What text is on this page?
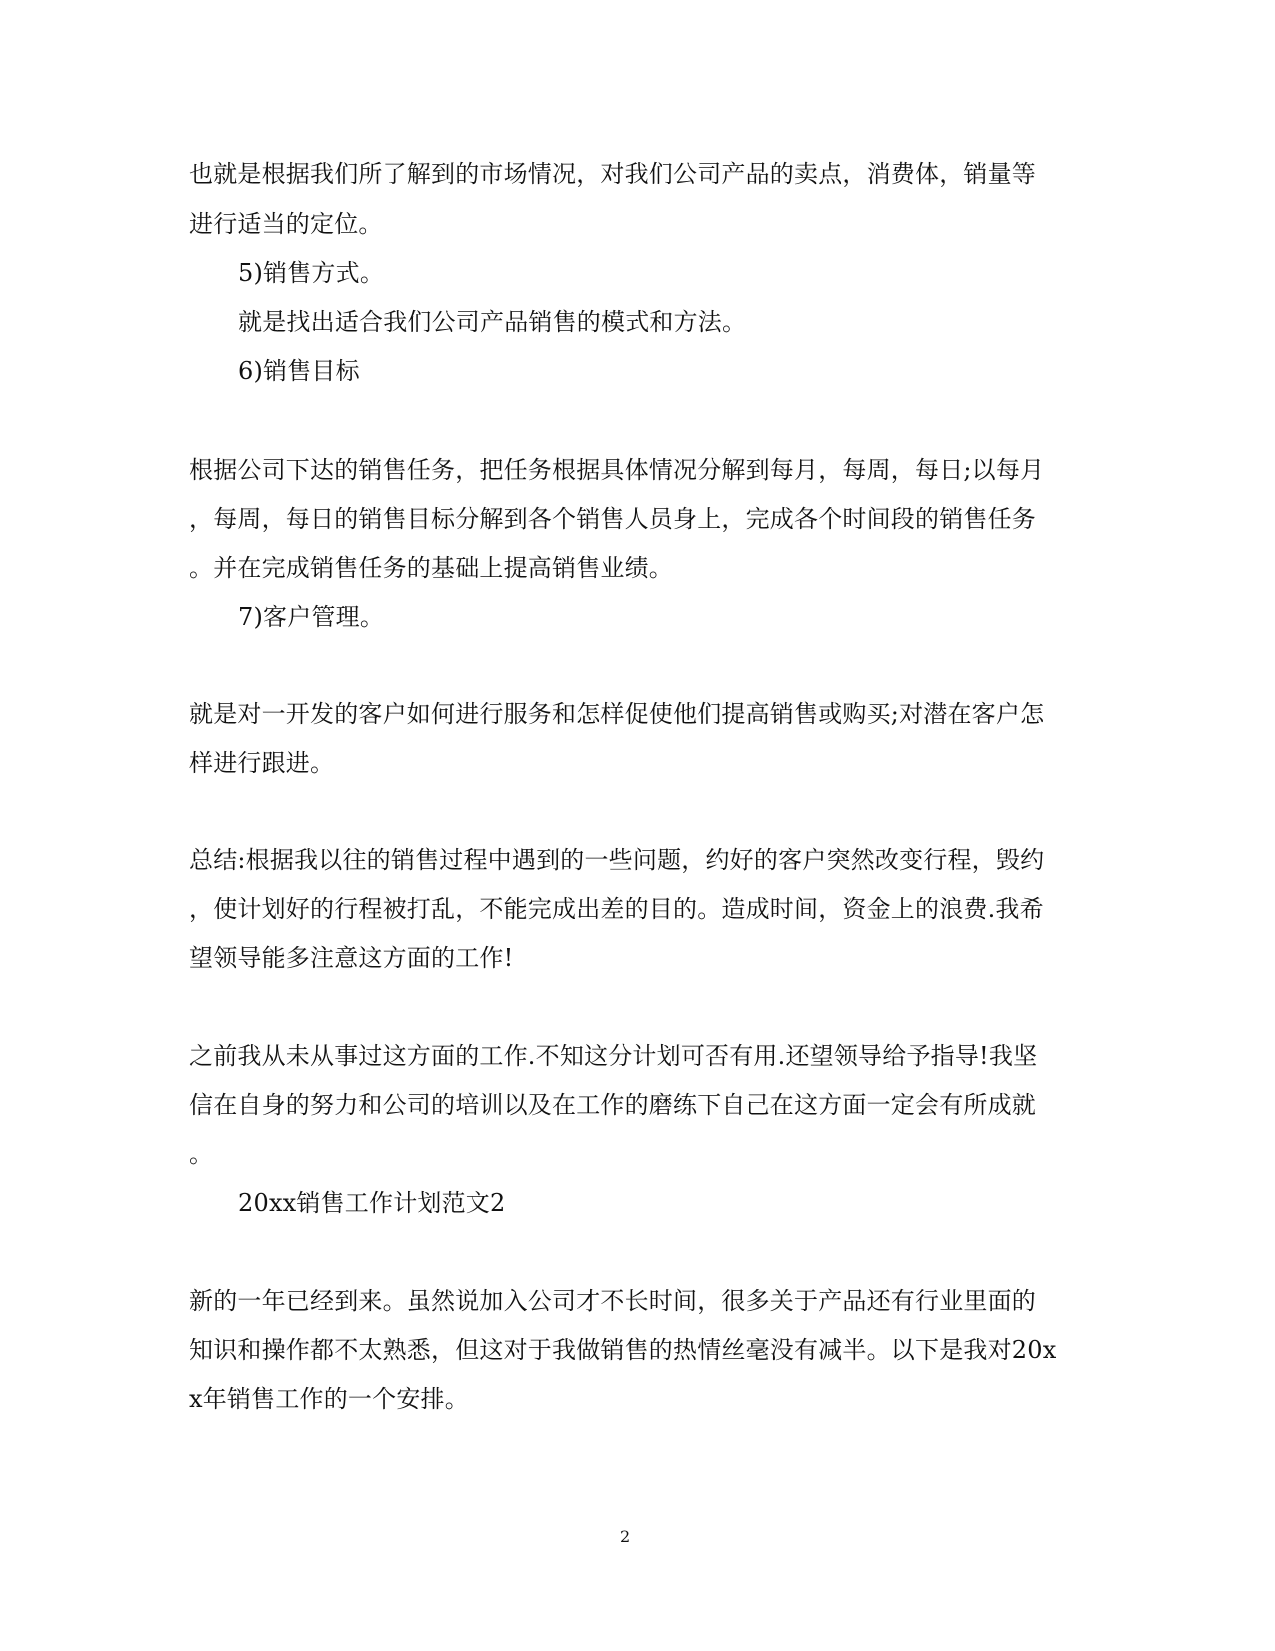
也就是根据我们所了解到的市场情况，对我们公司产品的卖点，消费体，销量等
进行适当的定位。
5)销售方式。
就是找出适合我们公司产品销售的模式和方法。
6)销售目标
根据公司下达的销售任务，把任务根据具体情况分解到每月，每周，每日;以每月
，每周，每日的销售目标分解到各个销售人员身上，完成各个时间段的销售任务
。并在完成销售任务的基础上提高销售业绩。
7)客户管理。
就是对一开发的客户如何进行服务和怎样促使他们提高销售或购买;对潜在客户怎
样进行跟进。
总结:根据我以往的销售过程中遇到的一些问题，约好的客户突然改变行程，毁约
，使计划好的行程被打乱，不能完成出差的目的。造成时间，资金上的浪费.我希
望领导能多注意这方面的工作!
之前我从未从事过这方面的工作.不知这分计划可否有用.还望领导给予指导!我坚
信在自身的努力和公司的培训以及在工作的磨练下自己在这方面一定会有所成就
。
20xx销售工作计划范文2
新的一年已经到来。虽然说加入公司才不长时间，很多关于产品还有行业里面的
知识和操作都不太熟悉，但这对于我做销售的热情丝毫没有减半。以下是我对20x
x年销售工作的一个安排。
2
